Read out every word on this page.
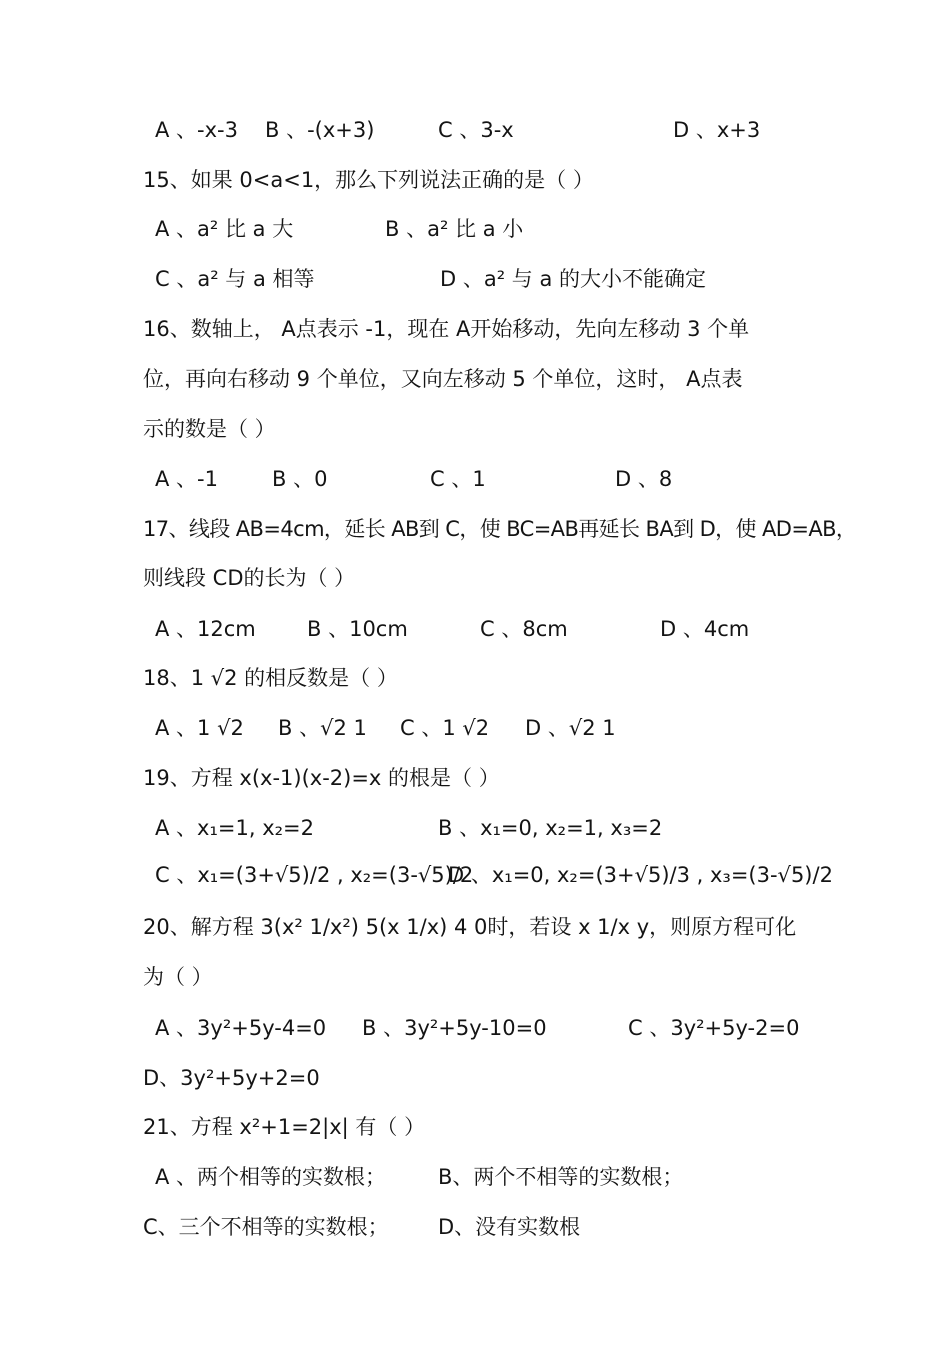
A 、-x-3 B 、-(x+3)	C 、3-x	D 、x+3
15、如果 0<a<1，那么下列说法正确的是（ ）
A 、a² 比 a 大	B 、a² 比 a 小
C 、a² 与 a 相等	D 、a² 与 a 的大小不能确定
16、数轴上， A点表示 -1，现在 A开始移动，先向左移动 3 个单
位，再向右移动 9 个单位，又向左移动 5 个单位，这时， A点表
示的数是（ ）
A 、-1	B 、0	C 、1	D 、8
17、线段 AB=4cm，延长 AB到 C，使 BC=AB再延长 BA到 D，使 AD=AB，
则线段 CD的长为（ ）
A 、12cm B 、10cm	C 、8cm	D 、4cm
18、1 √2 的相反数是（ ）
A 、1 √2 B 、√2 1 C 、1 √2 D 、√2 1
19、方程 x(x-1)(x-2)=x 的根是（ ）
A 、x₁=1, x₂=2	B 、x₁=0, x₂=1, x₃=2
C 、x₁=(3+√5)/2 , x₂=(3-√5)/2
D 、x₁=0, x₂=(3+√5)/3 , x₃=(3-√5)/2
20、解方程 3(x² 1/x²) 5(x 1/x) 4 0时，若设 x 1/x y，则原方程可化
为（ ）
A 、3y²+5y-4=0 B 、3y²+5y-10=0	C 、3y²+5y-2=0
D、3y²+5y+2=0
21、方程 x²+1=2|x| 有（ ）
A 、两个相等的实数根； B、两个不相等的实数根；
C、三个不相等的实数根； D、没有实数根
